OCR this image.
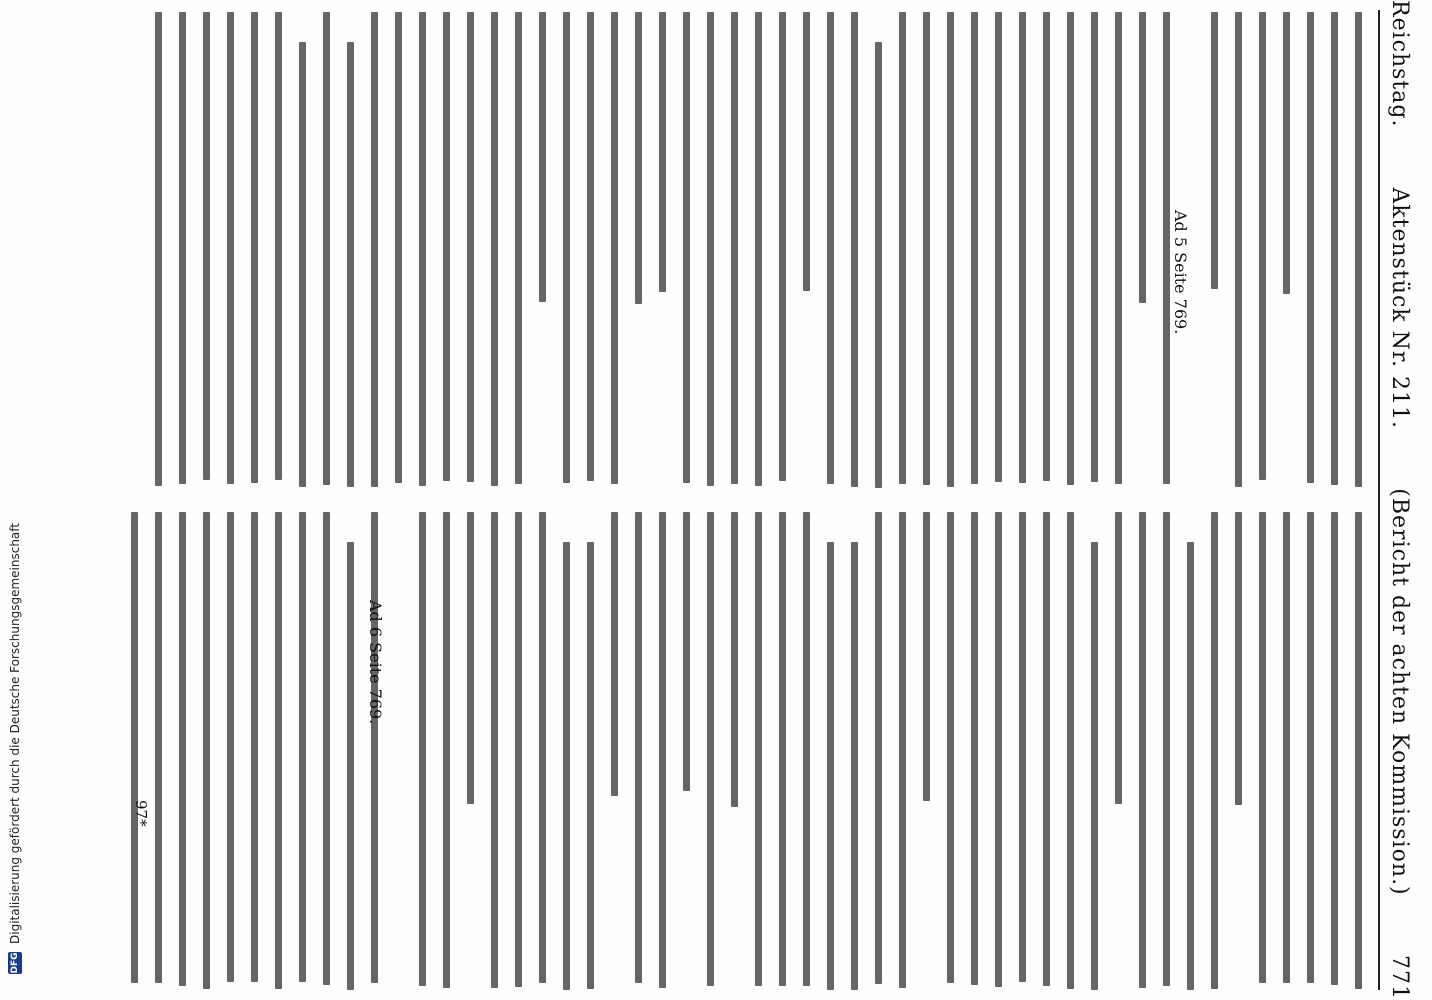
Reichstag.
Aktenstück Nr. 211.
(Bericht der achten Kommission.)
771
Ad 5 Seite 769.
Ad 6 Seite 769.
97*
DFG
Digitalisierung gefördert durch die Deutsche Forschungsgemeinschaft
